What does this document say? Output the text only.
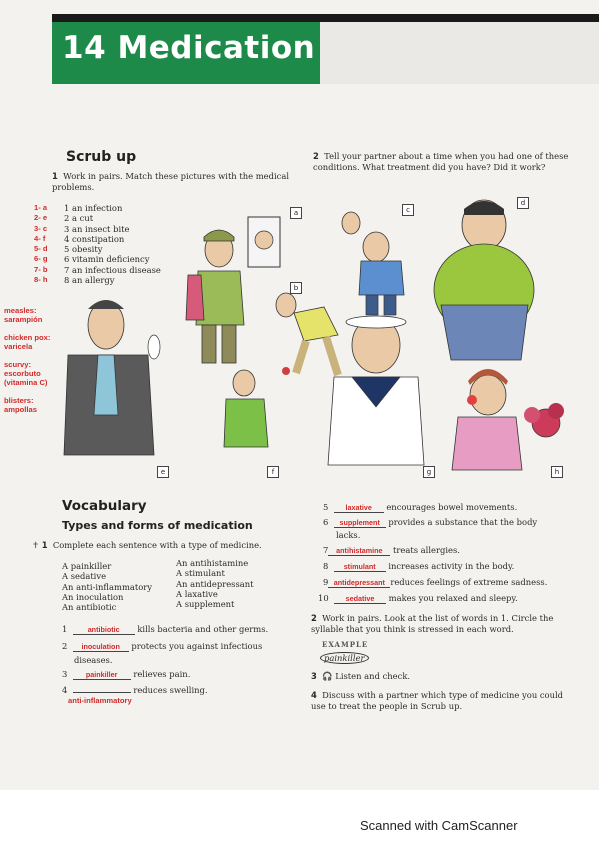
14 Medication
Scrub up
1 Work in pairs. Match these pictures with the medical problems.
1 an infection
2 a cut
3 an insect bite
4 constipation
5 obesity
6 vitamin deficiency
7 an infectious disease
8 an allergy
1- a
2- e
3- c
4- f
5- d
6- g
7- b
8- h
measles:
sarampión
chicken pox:
varicela
scurvy:
escorbuto
(vitamina C)
blisters:
ampollas
2 Tell your partner about a time when you had one of these conditions. What treatment did you have? Did it work?
a
b
c
d
e	f	g	h
Vocabulary
Types and forms of medication
✝ 1 Complete each sentence with a type of medicine.
A painkiller
A sedative
An anti-inflammatory
An inoculation
An antibiotic
An antihistamine
A stimulant
An antidepressant
A laxative
A supplement
1	antibiotic kills bacteria and other germs.
2 inoculation protects you against infectious
diseases.
3	painkiller relieves pain.
4	reduces swelling.
anti-inflammatory
5 laxative encourages bowel movements.
6 supplement provides a substance that the body
lacks.
7 antihistamine treats allergies.
8 stimulant increases activity in the body.
9 antidepressant reduces feelings of extreme sadness.
10 sedative makes you relaxed and sleepy.
2 Work in pairs. Look at the list of words in 1. Circle the syllable that you think is stressed in each word.
EXAMPLE
painkiller
3 🎧 Listen and check.
4 Discuss with a partner which type of medicine you could use to treat the people in Scrub up.
Scanned with CamScanner
